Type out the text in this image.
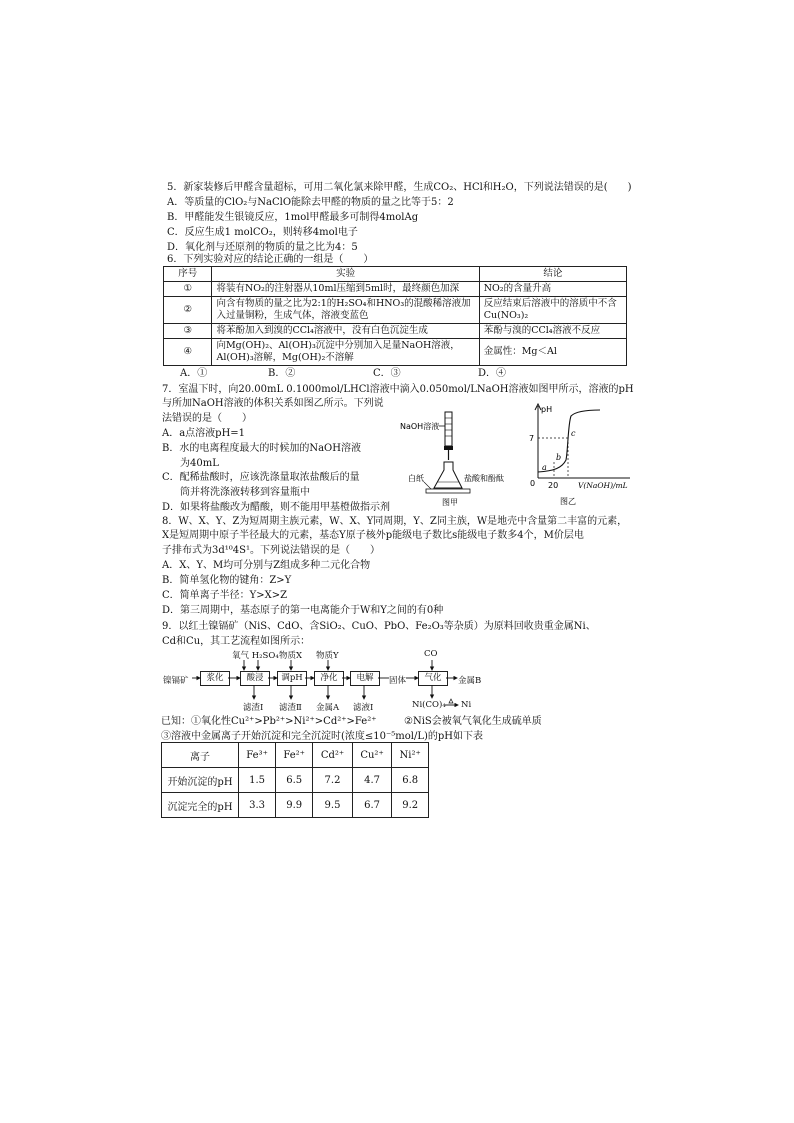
5．新家装修后甲醛含量超标，可用二氧化氯来除甲醛，生成CO₂、HCl和H₂O，下列说法错误的是(　　)
A．等质量的ClO₂与NaClO能除去甲醛的物质的量之比等于5：2
B．甲醛能发生银镜反应，1mol甲醛最多可制得4molAg
C．反应生成1 molCO₂，则转移4mol电子
D．氧化剂与还原剂的物质的量之比为4：5
6．下列实验对应的结论正确的一组是（　　）
序号	实验	结论
①	将装有NO₂的注射器从10ml压缩到5ml时，最终颜色加深	NO₂的含量升高
②	向含有物质的量之比为2:1的H₂SO₄和HNO₃的混酸稀溶液加入过量铜粉，生成气体，溶液变蓝色	反应结束后溶液中的溶质中不含Cu(NO₃)₂
③	将苯酚加入到溴的CCl₄溶液中，没有白色沉淀生成	苯酚与溴的CCl₄溶液不反应
④	向Mg(OH)₂、Al(OH)₃沉淀中分别加入足量NaOH溶液，Al(OH)₃溶解，Mg(OH)₂不溶解	金属性：Mg＜Al
A．①	B．②	C．③	D．④
7．室温下时，向20.00mL 0.1000mol/LHCl溶液中滴入0.050mol/LNaOH溶液如图甲所示，溶液的pH
与所加NaOH溶液的体积关系如图乙所示。下列说
法错误的是（　　）
A．a点溶液pH=1
B．水的电离程度最大的时候加的NaOH溶液
为40mL
C．配稀盐酸时，应该洗涤量取浓盐酸后的量
筒并将洗涤液转移到容量瓶中
D．如果将盐酸改为醋酸，则不能用甲基橙做指示剂
NaOH溶液
白纸	盐酸和酚酞
图甲
pH
7
a
b
c
0 20	V(NaOH)/mL
图乙
8．W、X、Y、Z为短周期主族元素，W、X、Y同周期，Y、Z同主族，W是地壳中含量第二丰富的元素，
X是短周期中原子半径最大的元素，基态Y原子核外p能级电子数比s能级电子数多4个，M价层电
子排布式为3d¹⁰4S¹。下列说法错误的是（　　）
A．X、Y、M均可分别与Z组成多种二元化合物
B．简单氢化物的键角：Z>Y
C．简单离子半径：Y>X>Z
D．第三周期中，基态原子的第一电离能介于W和Y之间的有0种
9．以红土镍镉矿（NiS、CdO、含SiO₂、CuO、PbO、Fe₂O₃等杂质）为原料回收贵重金属Ni、
Cd和Cu，其工艺流程如图所示：
镍镉矿	浆化	酸浸	调pH	净化	电解	气化
氧气 H₂SO₄ 物质X 物质Y	CO
滤渣Ⅰ 滤渣Ⅱ 金属A 滤液Ⅰ
固体	金属B
Ni(CO)₄ Ni
已知：①氧化性Cu²⁺>Pb²⁺>Ni²⁺>Cd²⁺>Fe²⁺	②NiS会被氧气氧化生成硫单质
③溶液中金属离子开始沉淀和完全沉淀时(浓度≤10⁻⁵mol/L)的pH如下表
离子	Fe³⁺	Fe²⁺	Cd²⁺	Cu²⁺	Ni²⁺
开始沉淀的pH	1.5	6.5	7.2	4.7	6.8
沉淀完全的pH	3.3	9.9	9.5	6.7	9.2
